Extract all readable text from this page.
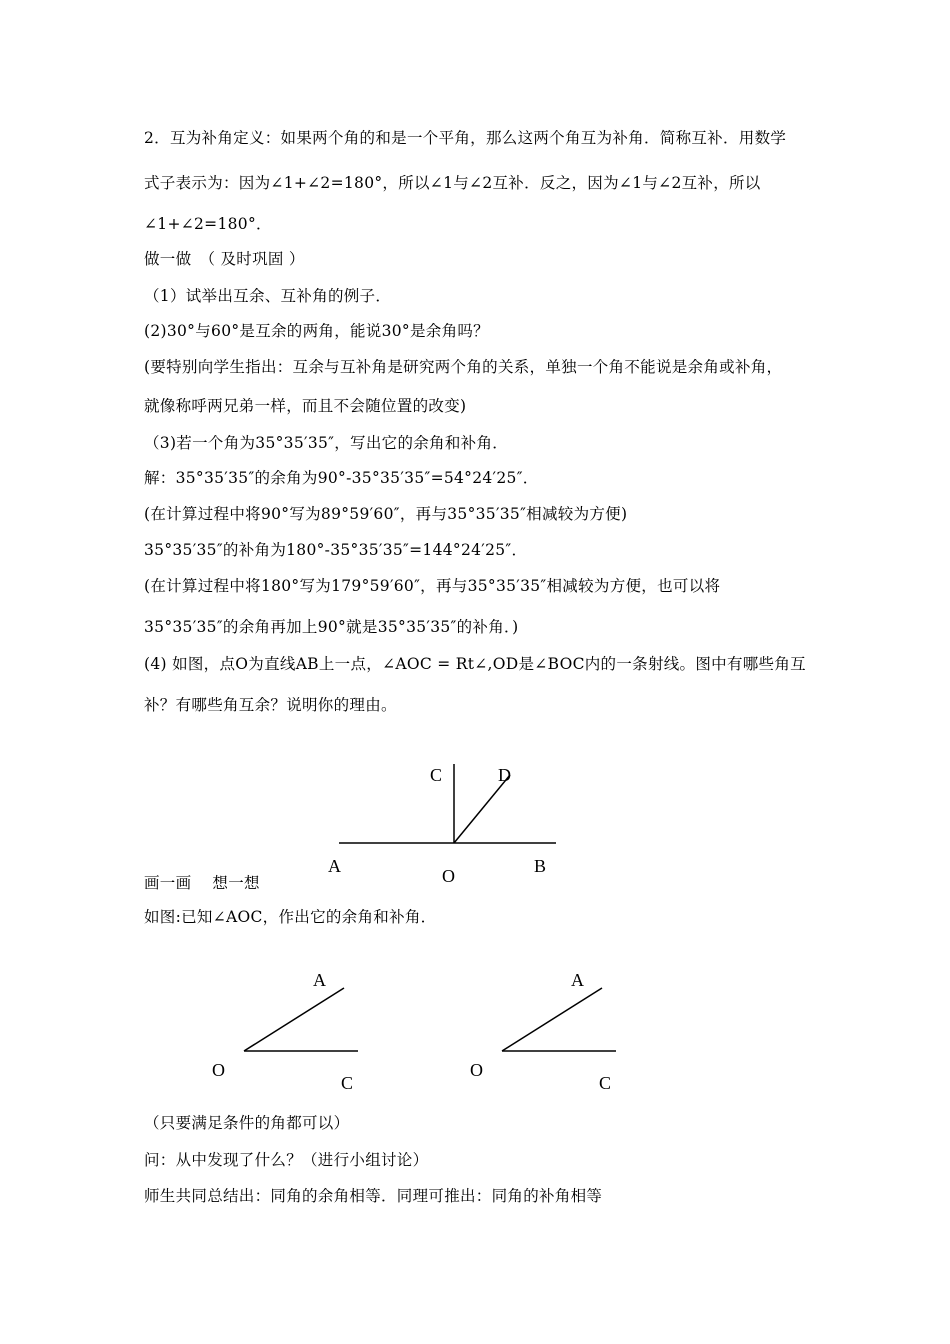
2．互为补角定义：如果两个角的和是一个平角，那么这两个角互为补角．简称互补．用数学
式子表示为：因为∠1+∠2=180°，所以∠1与∠2互补．反之，因为∠1与∠2互补，所以
∠1+∠2=180°．
做一做　（ 及时巩固 ）
（1）试举出互余、互补角的例子．
(2)30°与60°是互余的两角，能说30°是余角吗？
(要特别向学生指出：互余与互补角是研究两个角的关系，单独一个角不能说是余角或补角，
就像称呼两兄弟一样，而且不会随位置的改变)
（3)若一个角为35°35′35″，写出它的余角和补角．
解：35°35′35″的余角为90°-35°35′35″=54°24′25″．
(在计算过程中将90°写为89°59′60″，再与35°35′35″相减较为方便)
35°35′35″的补角为180°-35°35′35″=144°24′25″．
(在计算过程中将180°写为179°59′60″，再与35°35′35″相减较为方便，也可以将
35°35′35″的余角再加上90°就是35°35′35″的补角．)
(4) 如图，点O为直线AB上一点，∠AOC = Rt∠,OD是∠BOC内的一条射线。图中有哪些角互
补？有哪些角互余？说明你的理由。
画一画　 想一想
如图:已知∠AOC，作出它的余角和补角．
（只要满足条件的角都可以）
问：从中发现了什么？（进行小组讨论）
师生共同总结出：同角的余角相等．同理可推出：同角的补角相等
C	D
A	O	B
A
O
C
A
O
C
